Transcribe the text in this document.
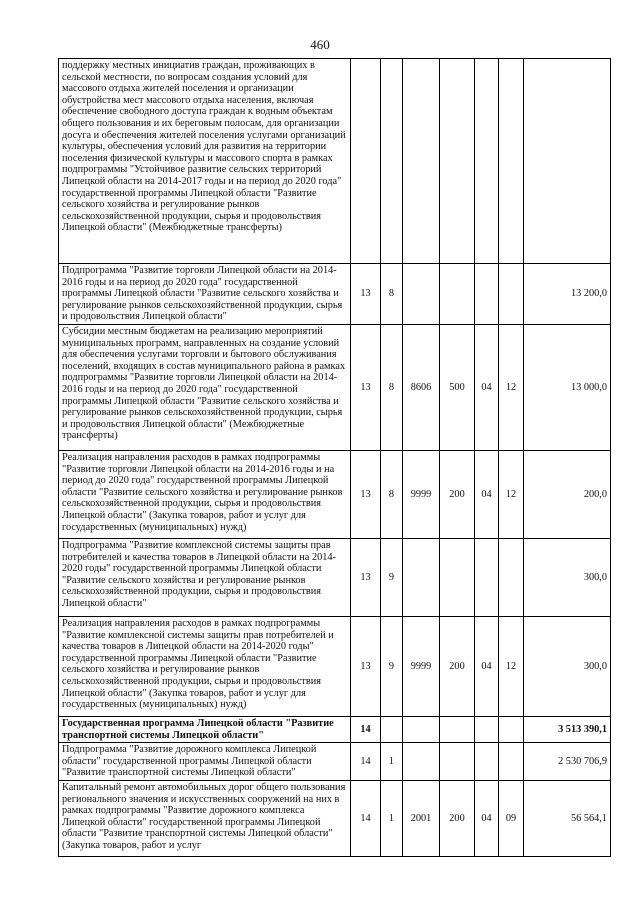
460
поддержку местных инициатив граждан, проживающих в сельской местности, по вопросам создания условий для массового отдыха жителей поселения и организации обустройства мест массового отдыха населения, включая обеспечение свободного доступа граждан к водным объектам общего пользования и их береговым полосам, для организации досуга и обеспечения жителей поселения услугами организаций культуры, обеспечения условий для развития на территории поселения физической культуры и массового спорта в рамках подпрограммы "Устойчивое развитие сельских территорий Липецкой области на 2014-2017 годы и на период до 2020 года" государственной программы Липецкой области "Развитие сельского хозяйства и регулирование рынков сельскохозяйственной продукции, сырья и продовольствия Липецкой области" (Межбюджетные трансферты)							
Подпрограмма "Развитие торговли Липецкой области на 2014-2016 годы и на период до 2020 года" государственной программы Липецкой области "Развитие сельского хозяйства и регулирование рынков сельскохозяйственной продукции, сырья и продовольствия Липецкой области"	13	8					13 200,0
Субсидии местным бюджетам на реализацию мероприятий муниципальных программ, направленных на создание условий для обеспечения услугами торговли и бытового обслуживания поселений, входящих в состав муниципального района в рамках подпрограммы "Развитие торговли Липецкой области на 2014-2016 годы и на период до 2020 года" государственной программы Липецкой области "Развитие сельского хозяйства и регулирование рынков сельскохозяйственной продукции, сырья и продовольствия Липецкой области" (Межбюджетные трансферты)	13	8	8606	500	04	12	13 000,0
Реализация направления расходов в рамках подпрограммы "Развитие торговли Липецкой области на 2014-2016 годы и на период до 2020 года" государственной программы Липецкой области "Развитие сельского хозяйства и регулирование рынков сельскохозяйственной продукции, сырья и продовольствия Липецкой области" (Закупка товаров, работ и услуг для государственных (муниципальных) нужд)	13	8	9999	200	04	12	200,0
Подпрограмма "Развитие комплексной системы защиты прав потребителей и качества товаров в Липецкой области на 2014-2020 годы" государственной программы Липецкой области "Развитие сельского хозяйства и регулирование рынков сельскохозяйственной продукции, сырья и продовольствия Липецкой области"	13	9					300,0
Реализация направления расходов в рамках подпрограммы "Развитие комплексной системы защиты прав потребителей и качества товаров в Липецкой области на 2014-2020 годы" государственной программы Липецкой области "Развитие сельского хозяйства и регулирование рынков сельскохозяйственной продукции, сырья и продовольствия Липецкой области" (Закупка товаров, работ и услуг для государственных (муниципальных) нужд)	13	9	9999	200	04	12	300,0
Государственная программа Липецкой области "Развитие транспортной системы Липецкой области"	14						3 513 390,1
Подпрограмма "Развитие дорожного комплекса Липецкой области" государственной программы Липецкой области "Развитие транспортной системы Липецкой области"	14	1					2 530 706,9
Капитальный ремонт автомобильных дорог общего пользования регионального значения и искусственных сооружений на них в рамках подпрограммы "Развитие дорожного комплекса Липецкой области" государственной программы Липецкой области "Развитие транспортной системы Липецкой области" (Закупка товаров, работ и услуг	14	1	2001	200	04	09	56 564,1
